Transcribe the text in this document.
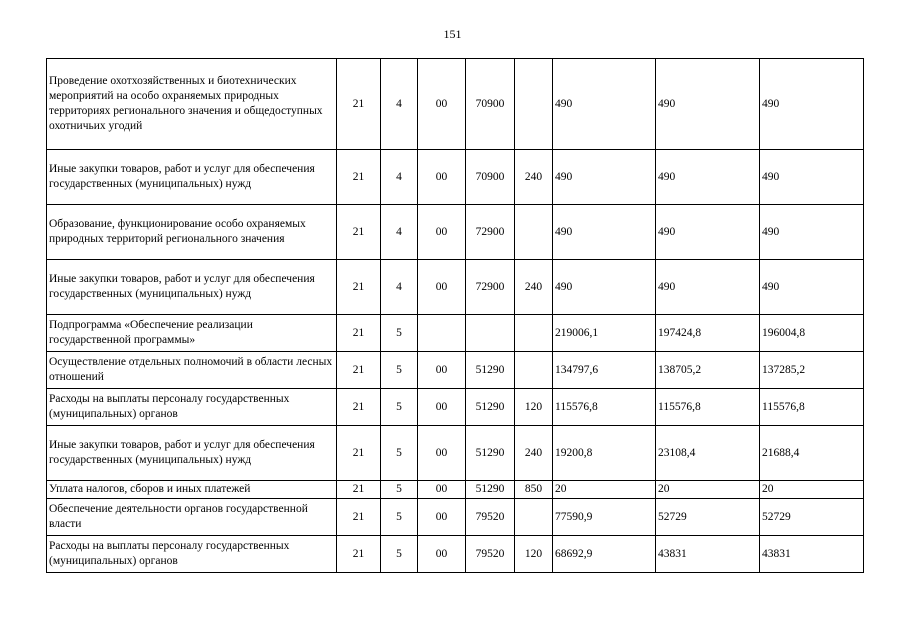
151
Проведение охотхозяйственных и биотехнических мероприятий на особо охраняемых природных территориях регионального значения и общедоступных охотничьих угодий	21	4	00	70900		490	490	490
Иные закупки товаров, работ и услуг для обеспечения государственных (муниципальных) нужд	21	4	00	70900	240	490	490	490
Образование, функционирование особо охраняемых природных территорий регионального значения	21	4	00	72900		490	490	490
Иные закупки товаров, работ и услуг для обеспечения государственных (муниципальных) нужд	21	4	00	72900	240	490	490	490
Подпрограмма «Обеспечение реализации государственной программы»	21	5				219006,1	197424,8	196004,8
Осуществление отдельных полномочий в области лесных отношений	21	5	00	51290		134797,6	138705,2	137285,2
Расходы на выплаты персоналу государственных (муниципальных) органов	21	5	00	51290	120	115576,8	115576,8	115576,8
Иные закупки товаров, работ и услуг для обеспечения государственных (муниципальных) нужд	21	5	00	51290	240	19200,8	23108,4	21688,4
Уплата налогов, сборов и иных платежей	21	5	00	51290	850	20	20	20
Обеспечение деятельности органов государственной власти	21	5	00	79520		77590,9	52729	52729
Расходы на выплаты персоналу государственных (муниципальных) органов	21	5	00	79520	120	68692,9	43831	43831
